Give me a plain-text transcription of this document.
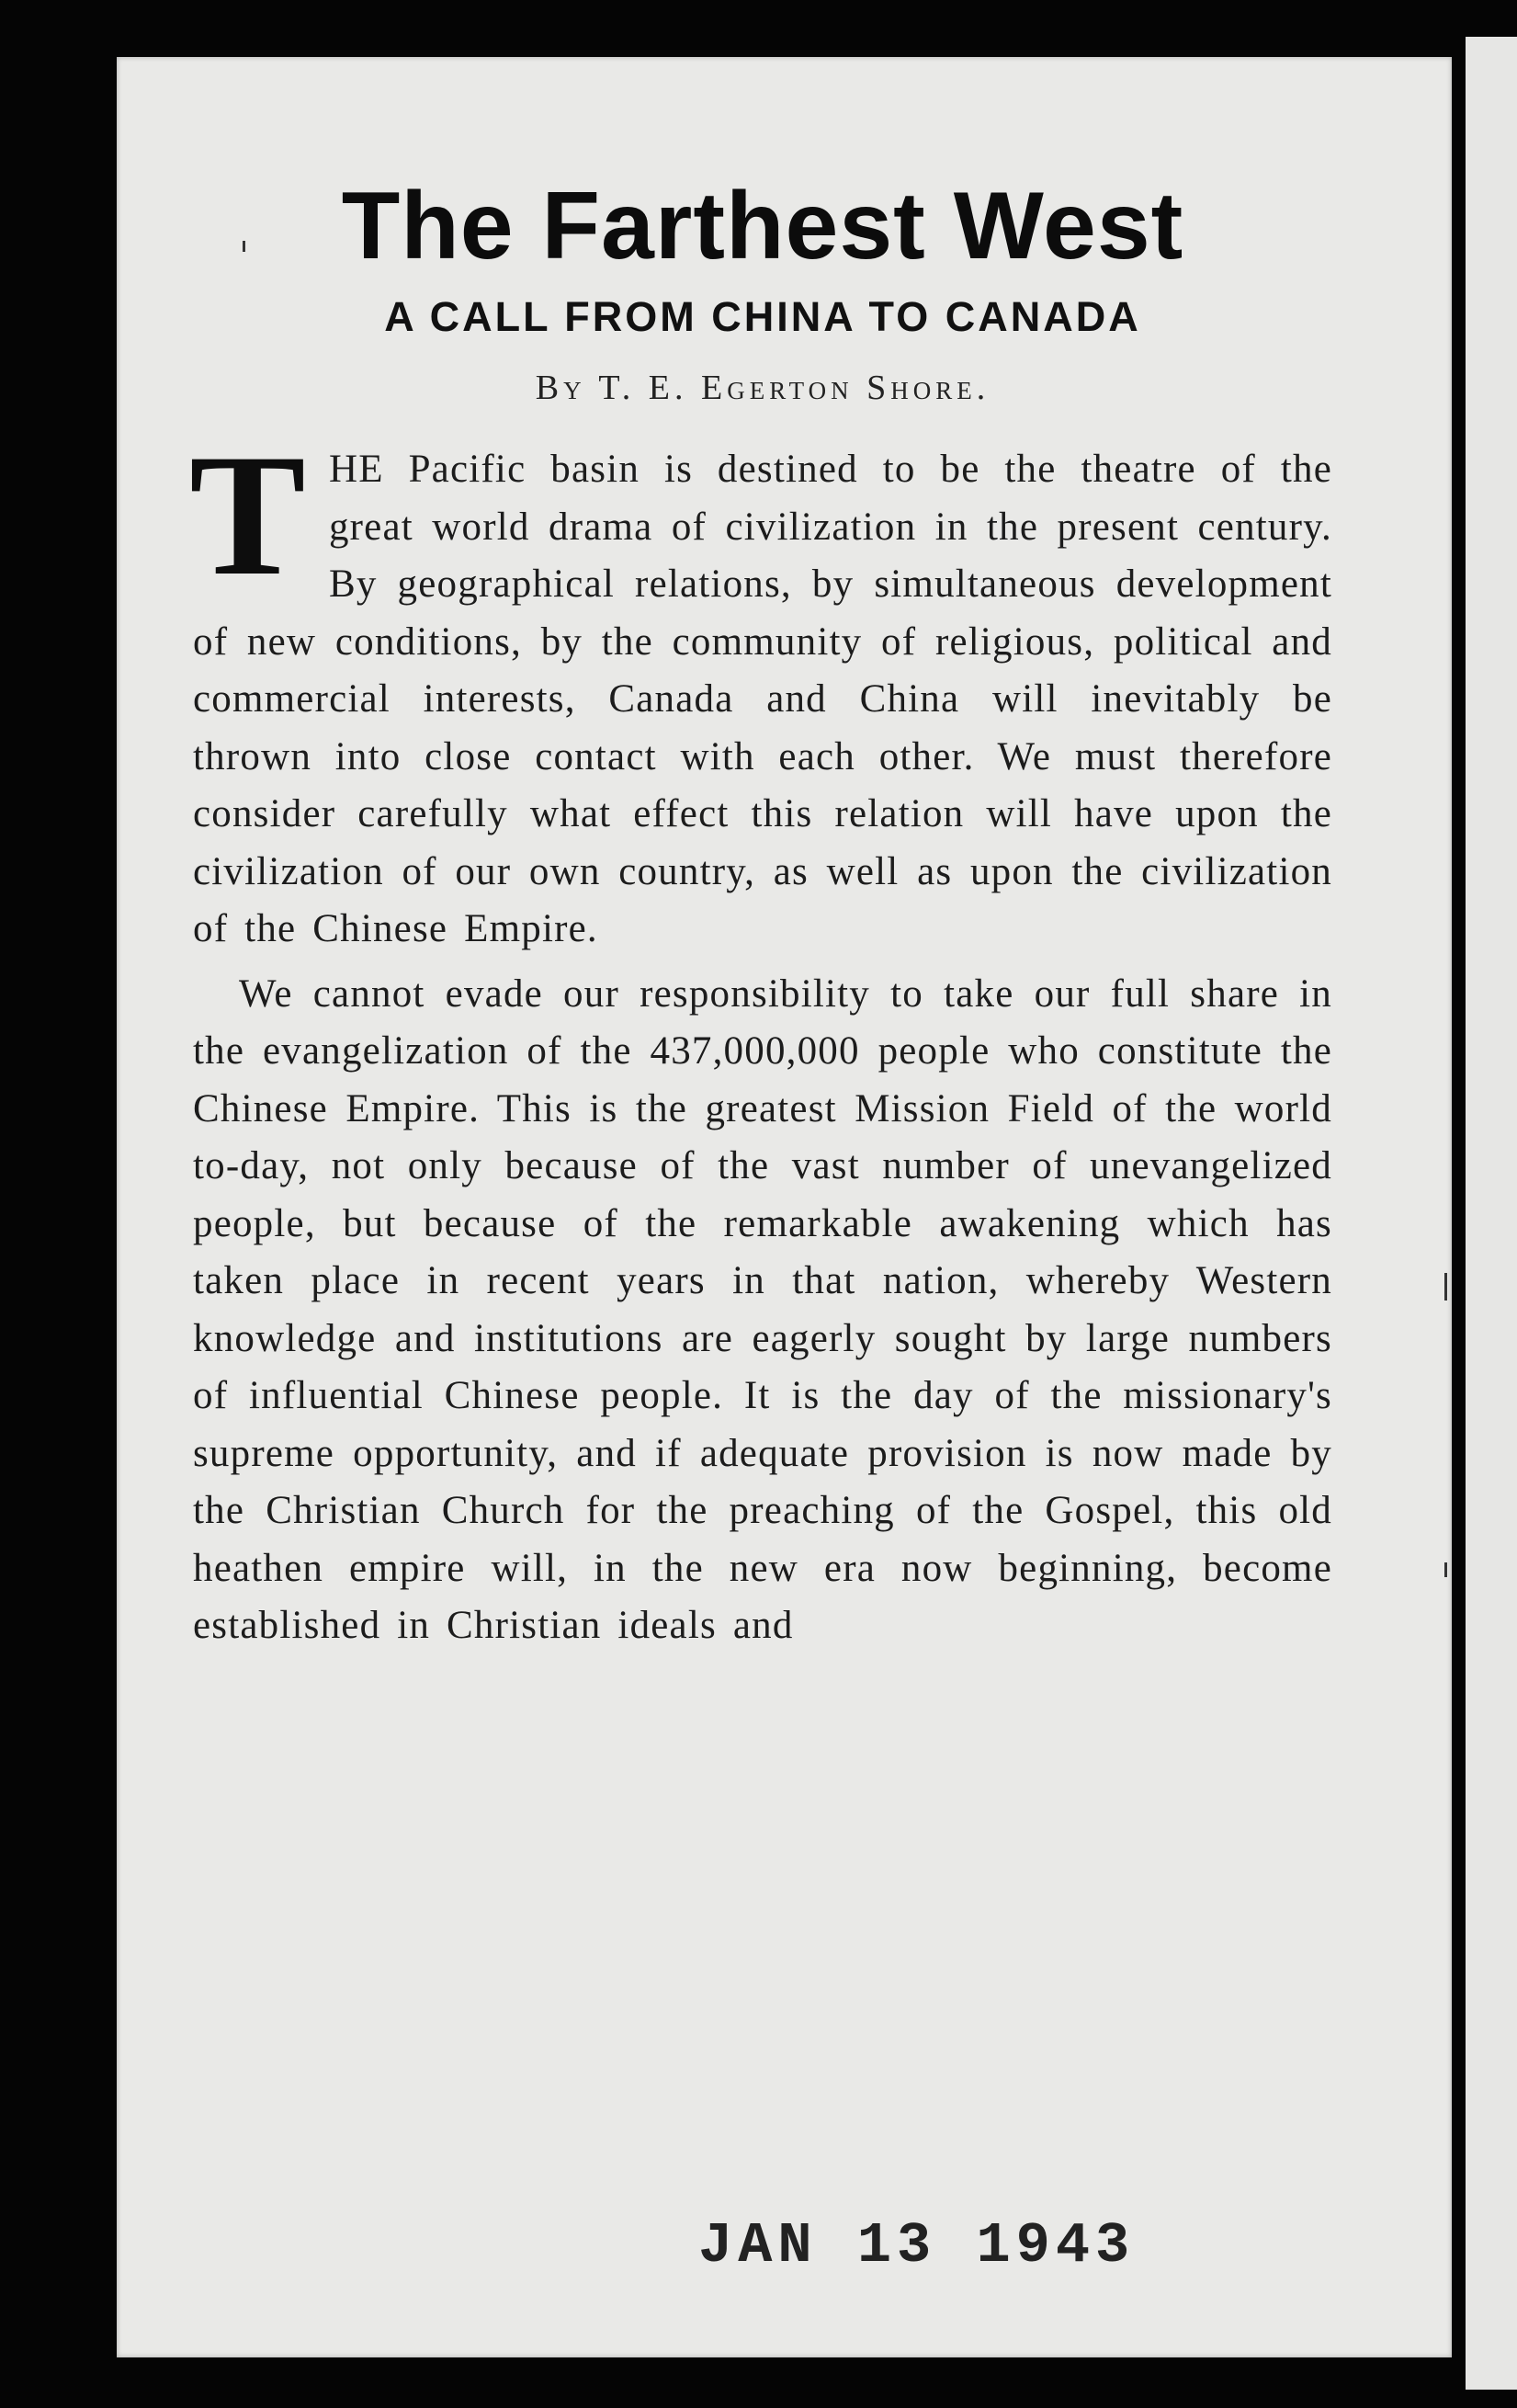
The Farthest West
A CALL FROM CHINA TO CANADA
By T. E. Egerton Shore.

T HE Pacific basin is destined to be the theatre of the great world drama of civilization in the present century. By geographical relations, by simultaneous development of new conditions, by the community of religious, political and commercial interests, Canada and China will inevitably be thrown into close contact with each other. We must therefore consider carefully what effect this relation will have upon the civilization of our own country, as well as upon the civilization of the Chinese Empire.

We cannot evade our responsibility to take our full share in the evangelization of the 437,000,000 people who constitute the Chinese Empire. This is the greatest Mission Field of the world to-day, not only because of the vast number of unevangelized people, but because of the remarkable awakening which has taken place in recent years in that nation, whereby Western knowledge and institutions are eagerly sought by large numbers of influential Chinese people. It is the day of the missionary's supreme opportunity, and if adequate provision is now made by the Christian Church for the preaching of the Gospel, this old heathen empire will, in the new era now beginning, become established in Christian ideals and

JAN 13 1943
